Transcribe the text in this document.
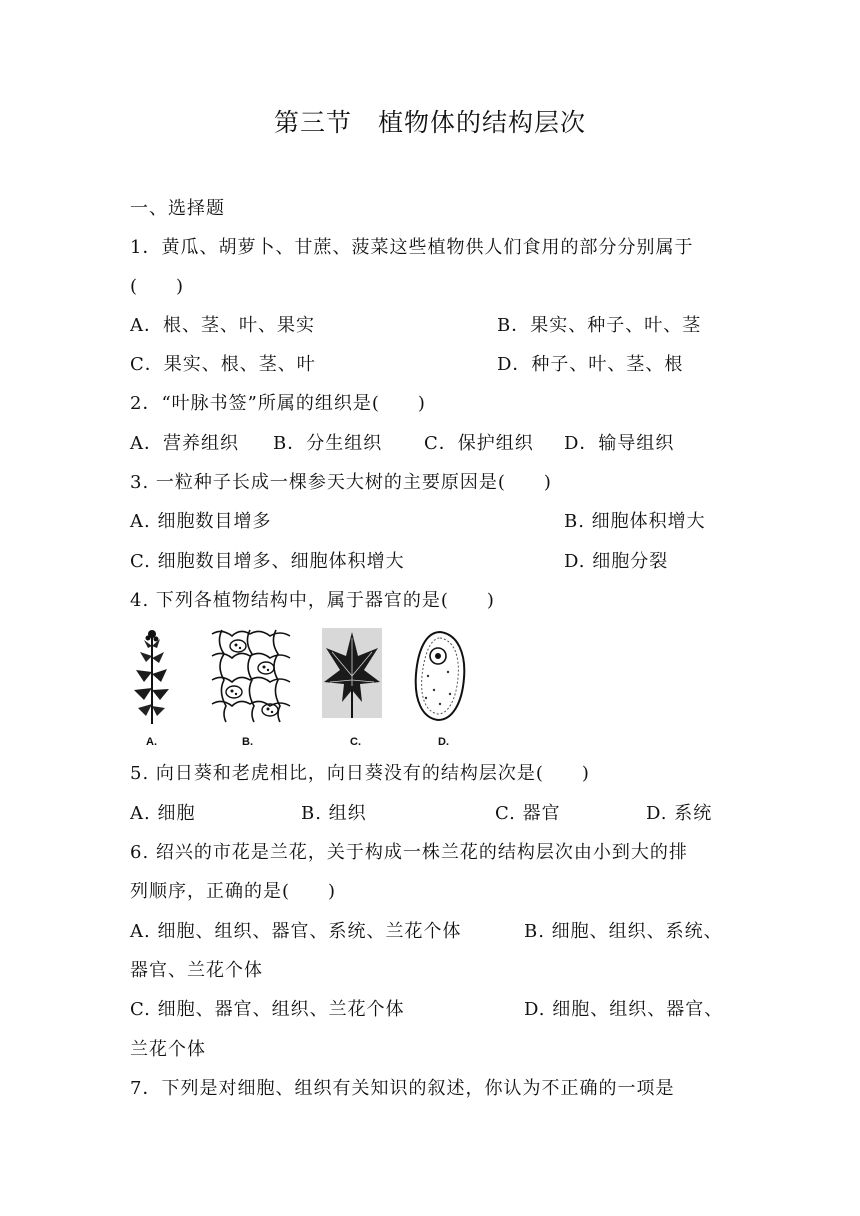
第三节　植物体的结构层次
一、选择题
1．黄瓜、胡萝卜、甘蔗、菠菜这些植物供人们食用的部分分别属于
(　　)
A．根、茎、叶、果实	B．果实、种子、叶、茎
C．果实、根、茎、叶	D．种子、叶、茎、根
2．“叶脉书签”所属的组织是(　　)
A．营养组织 B．分生组织 C．保护组织 D．输导组织
3. 一粒种子长成一棵参天大树的主要原因是(　　)
A. 细胞数目增多	B. 细胞体积增大
C. 细胞数目增多、细胞体积增大	D. 细胞分裂
4. 下列各植物结构中，属于器官的是(　　)
A.	B.	C.	D.
5. 向日葵和老虎相比，向日葵没有的结构层次是(　　)
A. 细胞	B. 组织	C. 器官	D. 系统
6. 绍兴的市花是兰花，关于构成一株兰花的结构层次由小到大的排
列顺序，正确的是(　　)
A. 细胞、组织、器官、系统、兰花个体	B. 细胞、组织、系统、
器官、兰花个体
C. 细胞、器官、组织、兰花个体	D. 细胞、组织、器官、
兰花个体
7．下列是对细胞、组织有关知识的叙述，你认为不正确的一项是
